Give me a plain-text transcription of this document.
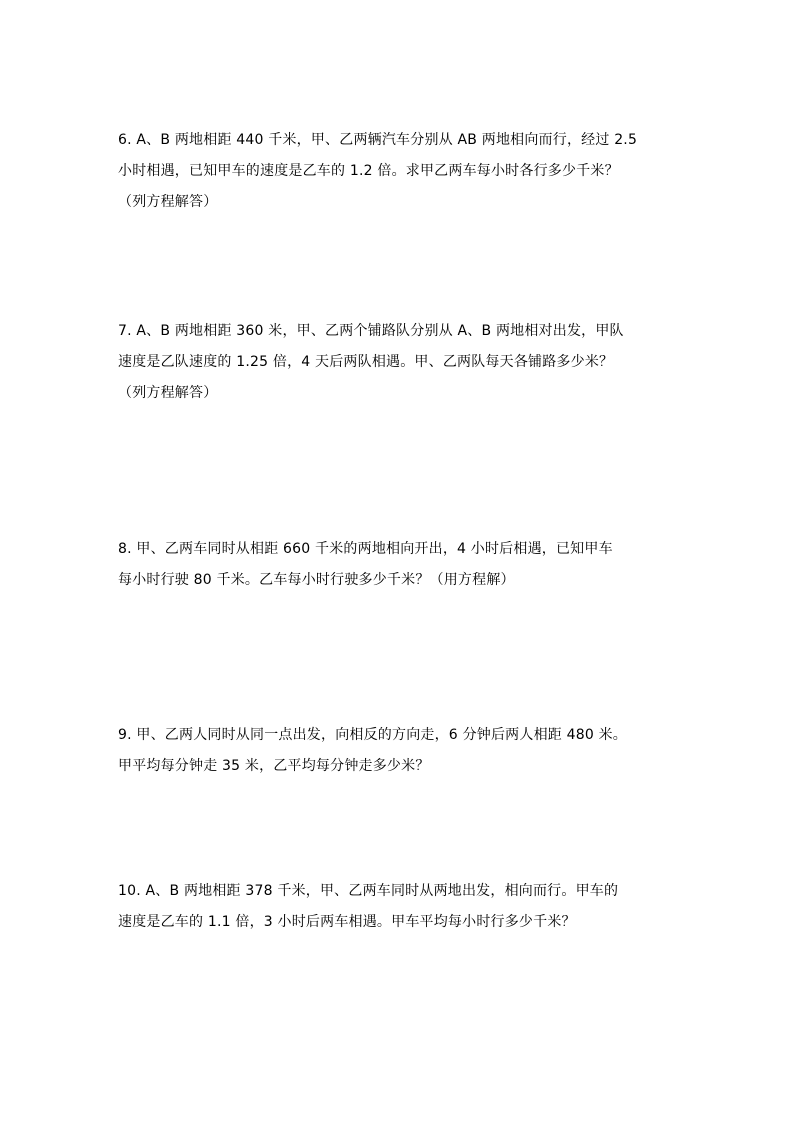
6. A、B 两地相距 440 千米，甲、乙两辆汽车分别从 AB 两地相向而行，经过 2.5
小时相遇，已知甲车的速度是乙车的 1.2 倍。求甲乙两车每小时各行多少千米？
（列方程解答）
7. A、B 两地相距 360 米，甲、乙两个铺路队分别从 A、B 两地相对出发，甲队
速度是乙队速度的 1.25 倍，4 天后两队相遇。甲、乙两队每天各铺路多少米？
（列方程解答）
8. 甲、乙两车同时从相距 660 千米的两地相向开出，4 小时后相遇，已知甲车
每小时行驶 80 千米。乙车每小时行驶多少千米？（用方程解）
9. 甲、乙两人同时从同一点出发，向相反的方向走，6 分钟后两人相距 480 米。
甲平均每分钟走 35 米，乙平均每分钟走多少米？
10. A、B 两地相距 378 千米，甲、乙两车同时从两地出发，相向而行。甲车的
速度是乙车的 1.1 倍，3 小时后两车相遇。甲车平均每小时行多少千米？
